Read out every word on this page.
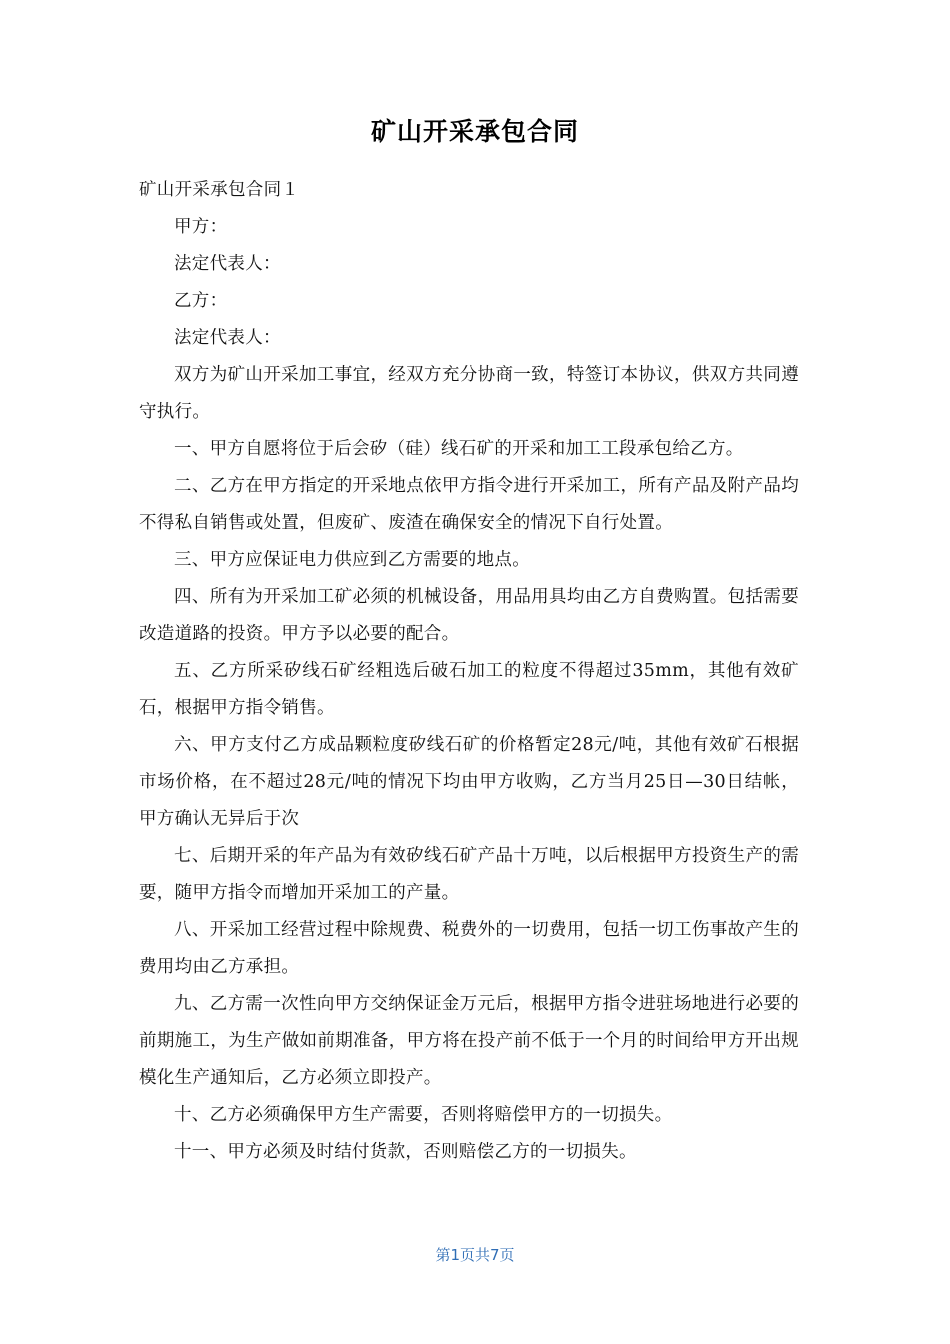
矿山开采承包合同

矿山开采承包合同１

甲方：

法定代表人：

乙方：

法定代表人：

双方为矿山开采加工事宜，经双方充分协商一致，特签订本协议，供双方共同遵守执行。

一、甲方自愿将位于后会矽（硅）线石矿的开采和加工工段承包给乙方。

二、乙方在甲方指定的开采地点依甲方指令进行开采加工，所有产品及附产品均不得私自销售或处置，但废矿、废渣在确保安全的情况下自行处置。

三、甲方应保证电力供应到乙方需要的地点。

四、所有为开采加工矿必须的机械设备，用品用具均由乙方自费购置。包括需要改造道路的投资。甲方予以必要的配合。

五、乙方所采矽线石矿经粗选后破石加工的粒度不得超过35mm，其他有效矿石，根据甲方指令销售。

六、甲方支付乙方成品颗粒度矽线石矿的价格暂定28元/吨，其他有效矿石根据市场价格，在不超过28元/吨的情况下均由甲方收购，乙方当月25日—30日结帐，甲方确认无异后于次

七、后期开采的年产品为有效矽线石矿产品十万吨，以后根据甲方投资生产的需要，随甲方指令而增加开采加工的产量。

八、开采加工经营过程中除规费、税费外的一切费用，包括一切工伤事故产生的费用均由乙方承担。

九、乙方需一次性向甲方交纳保证金万元后，根据甲方指令进驻场地进行必要的前期施工，为生产做如前期准备，甲方将在投产前不低于一个月的时间给甲方开出规模化生产通知后，乙方必须立即投产。

十、乙方必须确保甲方生产需要，否则将赔偿甲方的一切损失。

十一、甲方必须及时结付货款，否则赔偿乙方的一切损失。

第1页共7页
